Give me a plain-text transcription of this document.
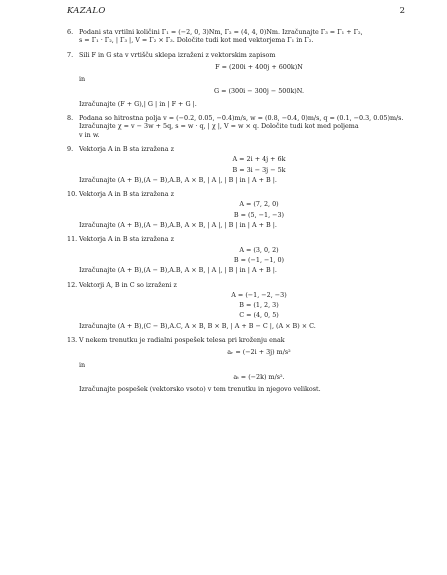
KAZALO	2
6. Podani sta vrtilni količini Γ₁ = (−2, 0, 3)Nm, Γ₂ = (4, 4, 0)Nm. Izračunajte Γ₃ = Γ₁ + Γ₂,
s = Γ₁ · Γ₂, | Γ₃ |, V = Γ₂ × Γ₃. Določite tudi kot med vektorjema Γ₁ in Γ₂.
7. Sili F in G sta v vrtišču sklepa izraženi z vektorskim zapisom
F = (200i + 400j + 600k)N
in
G = (300i − 300j − 500k)N.
Izračunajte (F + G),| G | in | F + G |.
8. Podana so hitrostna polja v = (−0.2, 0.05, −0.4)m/s, w = (0.8, −0.4, 0)m/s, q = (0.1, −0.3, 0.05)m/s.
Izračunajte χ = v − 3w + 5q, s = w · q, | χ |, V = w × q. Določite tudi kot med poljema
v in w.
9. Vektorja A in B sta izražena z
A = 2i + 4j + 6k
B = 3i − 3j − 5k
Izračunajte (A + B),(A − B),A.B, A × B, | A |, | B | in | A + B |.
10. Vektorja A in B sta izražena z
A = (7, 2, 0)
B = (5, −1, −3)
Izračunajte (A + B),(A − B),A.B, A × B, | A |, | B | in | A + B |.
11. Vektorja A in B sta izražena z
A = (3, 0, 2)
B = (−1, −1, 0)
Izračunajte (A + B),(A − B),A.B, A × B, | A |, | B | in | A + B |.
12. Vektorji A, B in C so izraženi z
A = (−1, −2, −3)
B = (1, 2, 3)
C = (4, 0, 5)
Izračunajte (A + B),(C − B),A.C, A × B, B × B, | A + B − C |, (A × B) × C.
13. V nekem trenutku je radialni pospešek telesa pri kroženju enak
aᵣ = (−2i + 3j) m/s²
in
aₜ = (−2k) m/s².
Izračunajte pospešek (vektorsko vsoto) v tem trenutku in njegovo velikost.
